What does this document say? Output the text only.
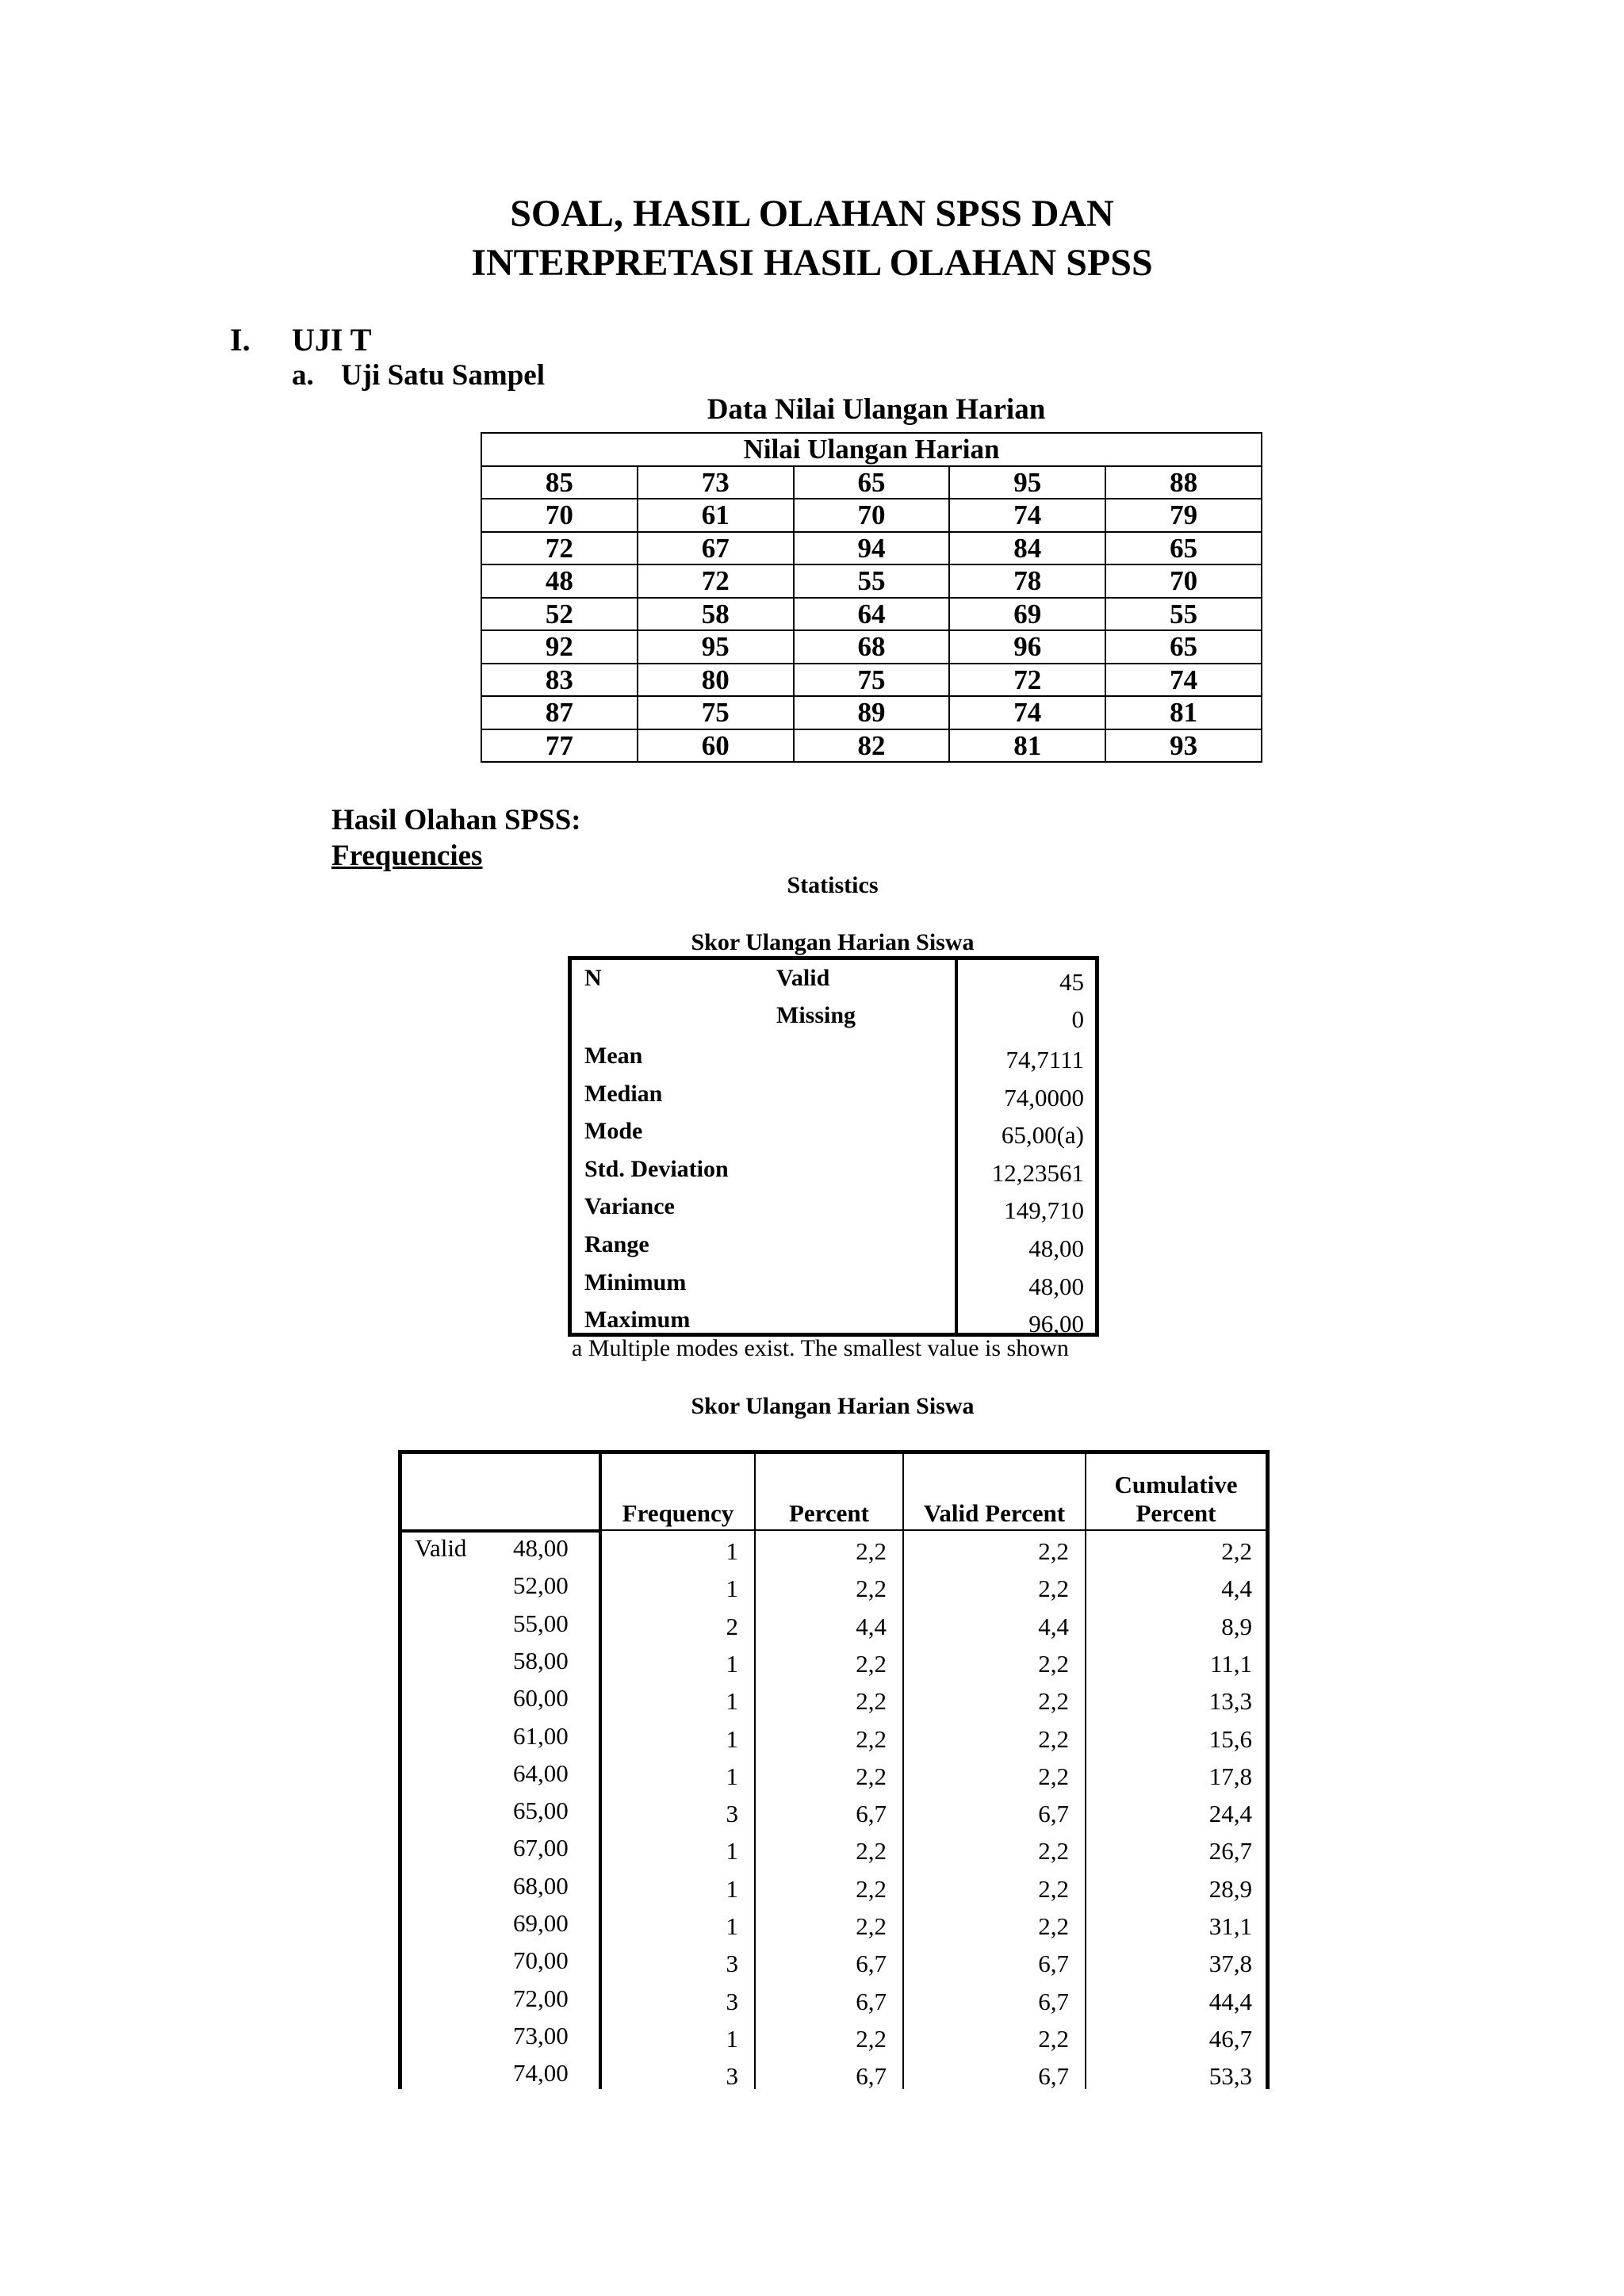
SOAL, HASIL OLAHAN SPSS DAN
INTERPRETASI HASIL OLAHAN SPSS
I. UJI T
a. Uji Satu Sampel
Data Nilai Ulangan Harian
Nilai Ulangan Harian				
85	73	65	95	88
70	61	70	74	79
72	67	94	84	65
48	72	55	78	70
52	58	64	69	55
92	95	68	96	65
83	80	75	72	74
87	75	89	74	81
77	60	82	81	93
Hasil Olahan SPSS:
Frequencies
Statistics
Skor Ulangan Harian Siswa
N	Valid	45
Missing	0
Mean	74,7111
Median	74,0000
Mode	65,00(a)
Std. Deviation	12,23561
Variance	149,710
Range	48,00
Minimum	48,00
Maximum	96,00
a Multiple modes exist. The smallest value is shown
Skor Ulangan Harian Siswa
Frequency	Percent	Valid Percent
Cumulative
Percent
Valid 48,00	1	2,2	2,2	2,2
52,00	1	2,2	2,2	4,4
55,00	2	4,4	4,4	8,9
58,00	1	2,2	2,2	11,1
60,00	1	2,2	2,2	13,3
61,00	1	2,2	2,2	15,6
64,00	1	2,2	2,2	17,8
65,00	3	6,7	6,7	24,4
67,00	1	2,2	2,2	26,7
68,00	1	2,2	2,2	28,9
69,00	1	2,2	2,2	31,1
70,00	3	6,7	6,7	37,8
72,00	3	6,7	6,7	44,4
73,00	1	2,2	2,2	46,7
74,00	3	6,7	6,7	53,3
